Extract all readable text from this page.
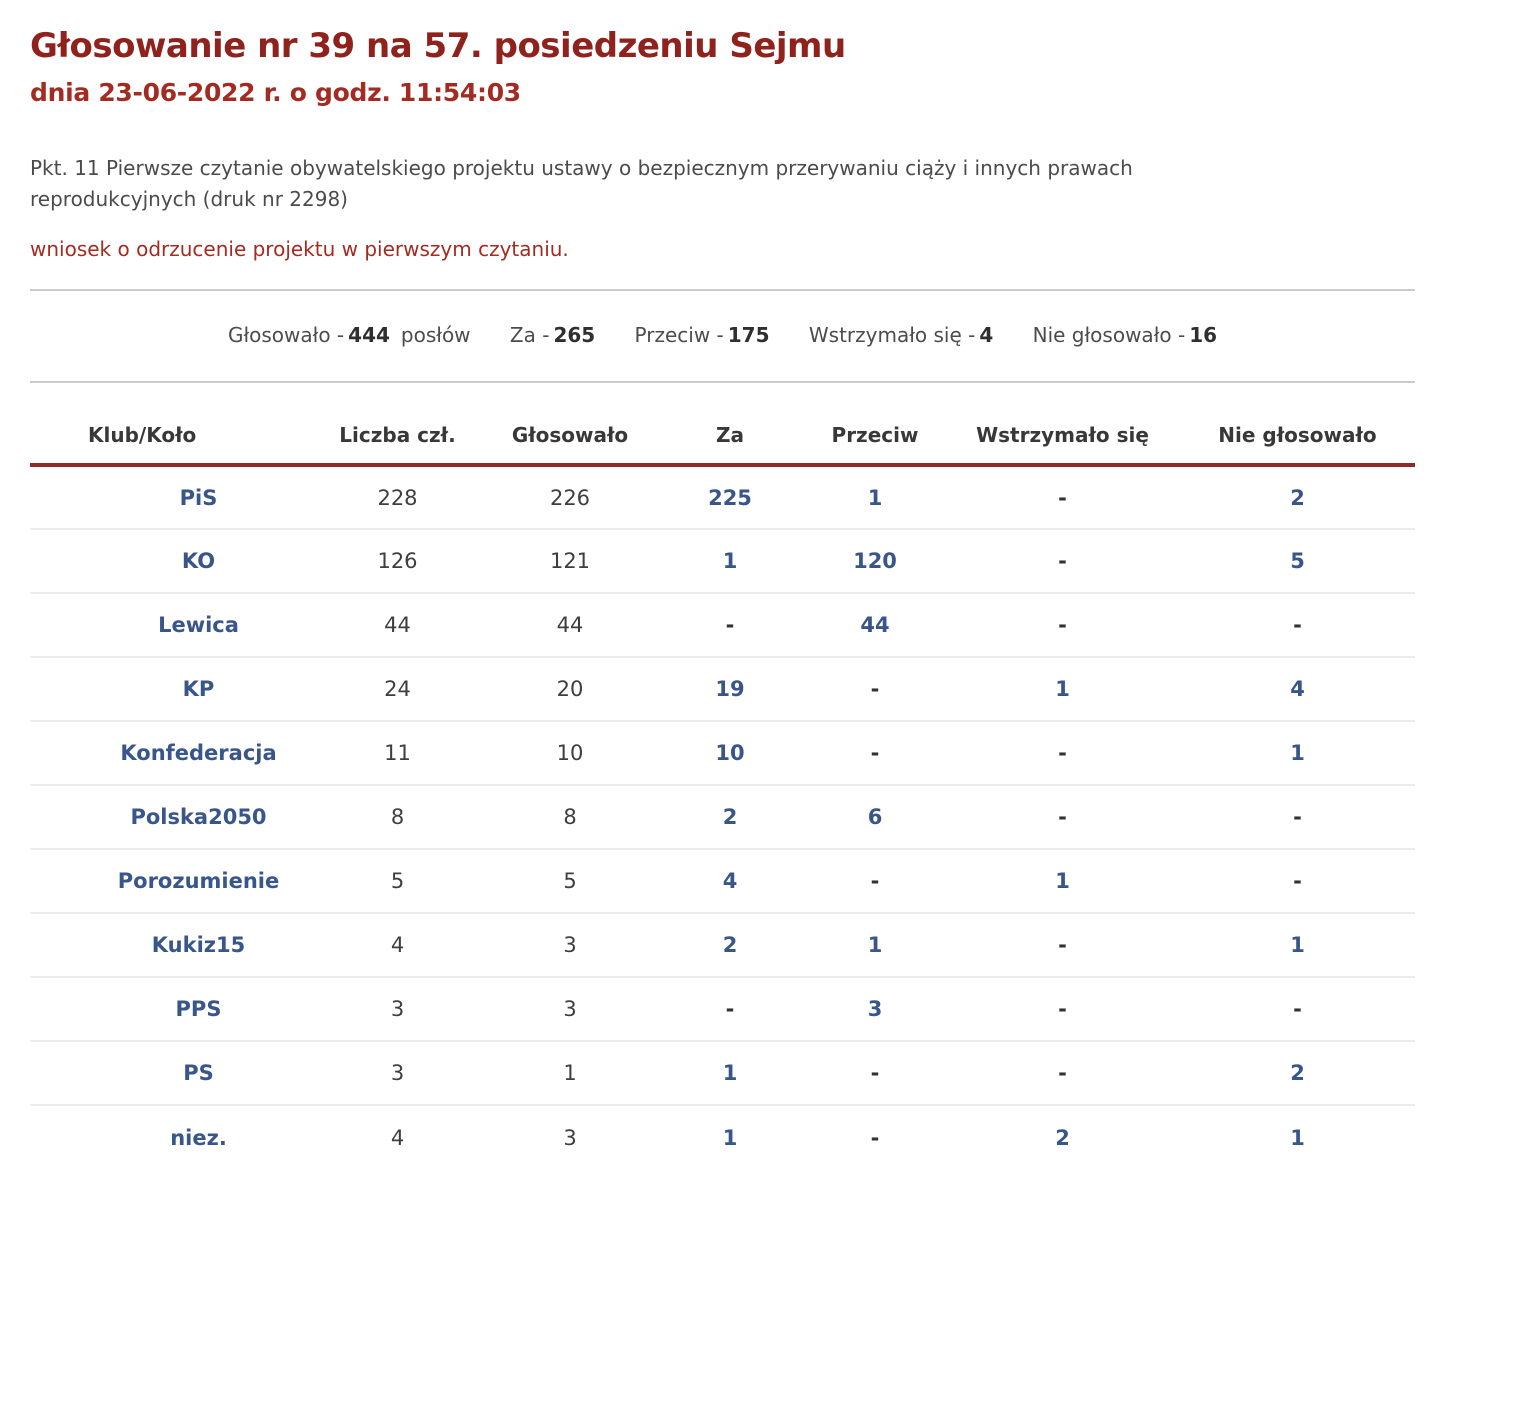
Głosowanie nr 39 na 57. posiedzeniu Sejmu
dnia 23-06-2022 r. o godz. 11:54:03

Pkt. 11 Pierwsze czytanie obywatelskiego projektu ustawy o bezpiecznym przerywaniu ciąży i innych prawach
reprodukcyjnych (druk nr 2298)

wniosek o odrzucenie projektu w pierwszym czytaniu.

Głosowało - 444 posłów Za - 265 Przeciw - 175 Wstrzymało się - 4 Nie głosowało - 16
Klub/Koło	Liczba czł.	Głosowało	Za	Przeciw	Wstrzymało się	Nie głosowało
PiS	228	226	225	1	-	2
KO	126	121	1	120	-	5
Lewica	44	44	-	44	-	-
KP	24	20	19	-	1	4
Konfederacja	11	10	10	-	-	1
Polska2050	8	8	2	6	-	-
Porozumienie	5	5	4	-	1	-
Kukiz15	4	3	2	1	-	1
PPS	3	3	-	3	-	-
PS	3	1	1	-	-	2
niez.	4	3	1	-	2	1
